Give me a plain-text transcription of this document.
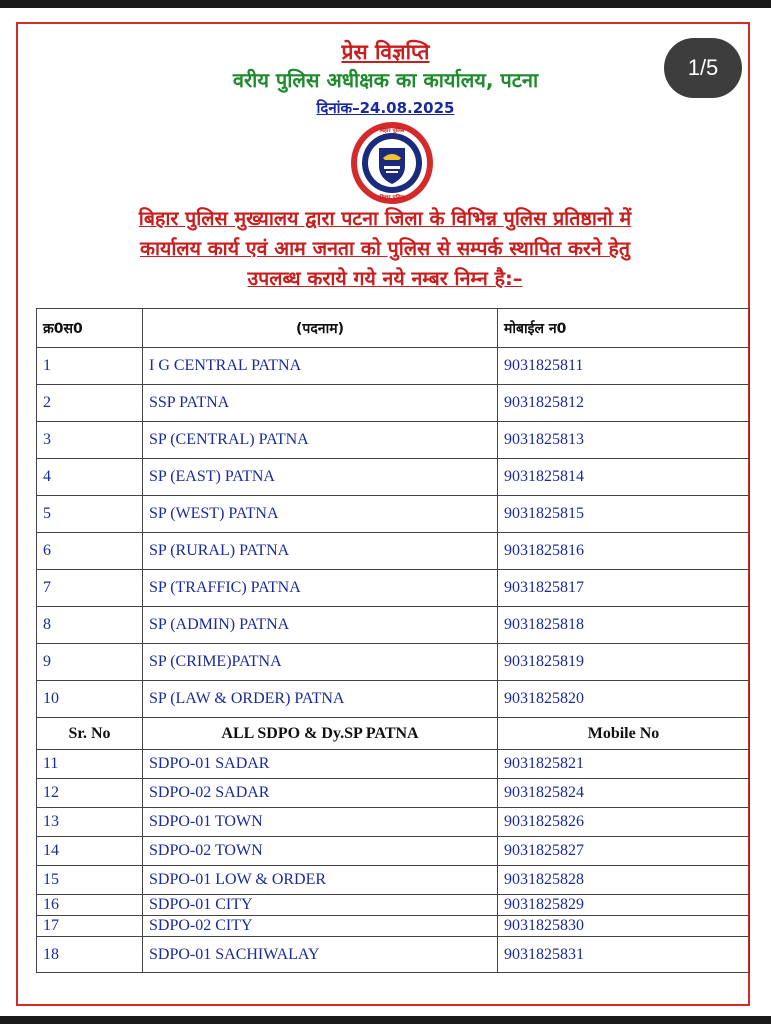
प्रेस विज्ञप्ति
वरीय पुलिस अधीक्षक का कार्यालय, पटना
दिनांक–24.08.2025
1/5
बिहार पुलिस
बिहार पुलिस
बिहार पुलिस मुख्यालय द्वारा पटना जिला के विभिन्न पुलिस प्रतिष्ठानो में
कार्यालय कार्य एवं आम जनता को पुलिस से सम्पर्क स्थापित करने हेतु
उपलब्ध कराये गये नये नम्बर निम्न है:–
क्र0स0	(पदनाम)	मोबाईल न0
1	I G CENTRAL PATNA	9031825811
2	SSP PATNA	9031825812
3	SP (CENTRAL) PATNA	9031825813
4	SP (EAST) PATNA	9031825814
5	SP (WEST) PATNA	9031825815
6	SP (RURAL) PATNA	9031825816
7	SP (TRAFFIC) PATNA	9031825817
8	SP (ADMIN) PATNA	9031825818
9	SP (CRIME)PATNA	9031825819
10	SP (LAW & ORDER) PATNA	9031825820
Sr. No	ALL SDPO & Dy.SP PATNA	Mobile No
11	SDPO-01 SADAR	9031825821
12	SDPO-02 SADAR	9031825824
13	SDPO-01 TOWN	9031825826
14	SDPO-02 TOWN	9031825827
15	SDPO-01 LOW & ORDER	9031825828
16	SDPO-01 CITY	9031825829
17	SDPO-02 CITY	9031825830
18	SDPO-01 SACHIWALAY	9031825831
